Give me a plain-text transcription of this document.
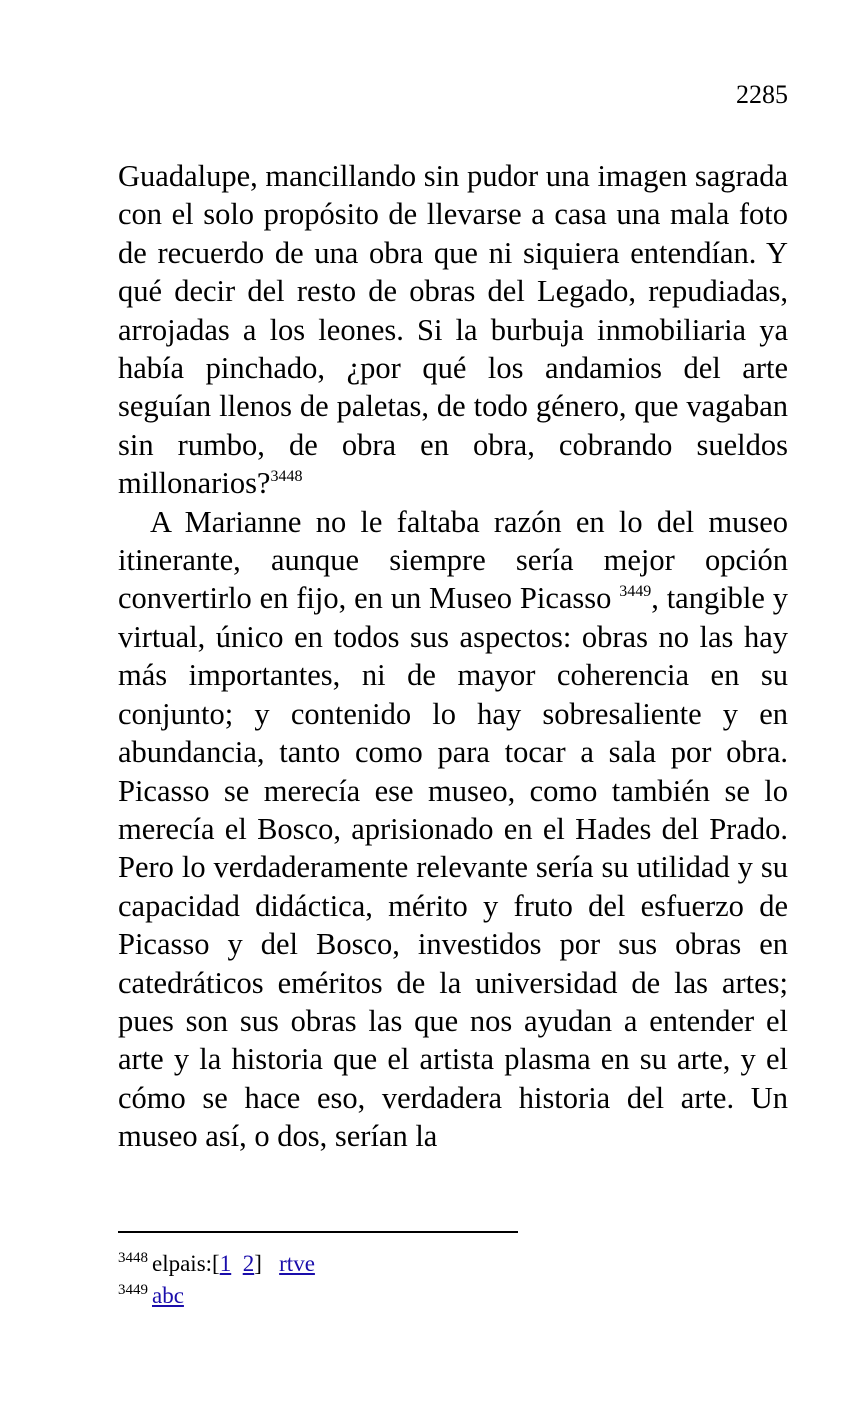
2285

Guadalupe, mancillando sin pudor una imagen sagrada con el solo propósito de llevarse a casa una mala foto de recuerdo de una obra que ni siquiera entendían. Y qué decir del resto de obras del Legado, repudiadas, arrojadas a los leones. Si la burbuja inmobiliaria ya había pinchado, ¿por qué los andamios del arte seguían llenos de paletas, de todo género, que vagaban sin rumbo, de obra en obra, cobrando sueldos millonarios?$^{3448}$

A Marianne no le faltaba razón en lo del museo itinerante, aunque siempre sería mejor opción convertirlo en fijo, en un Museo Picasso $^{3449}$, tangible y virtual, único en todos sus aspectos: obras no las hay más importantes, ni de mayor coherencia en su conjunto; y contenido lo hay sobresaliente y en abundancia, tanto como para tocar a sala por obra. Picasso se merecía ese museo, como también se lo merecía el Bosco, aprisionado en el Hades del Prado. Pero lo verdaderamente relevante sería su utilidad y su capacidad didáctica, mérito y fruto del esfuerzo de Picasso y del Bosco, investidos por sus obras en catedráticos eméritos de la universidad de las artes; pues son sus obras las que nos ayudan a entender el arte y la historia que el artista plasma en su arte, y el cómo se hace eso, verdadera historia del arte. Un museo así, o dos, serían la

$^{3448}$ elpais:[1 2] rtve
$^{3449}$ abc
